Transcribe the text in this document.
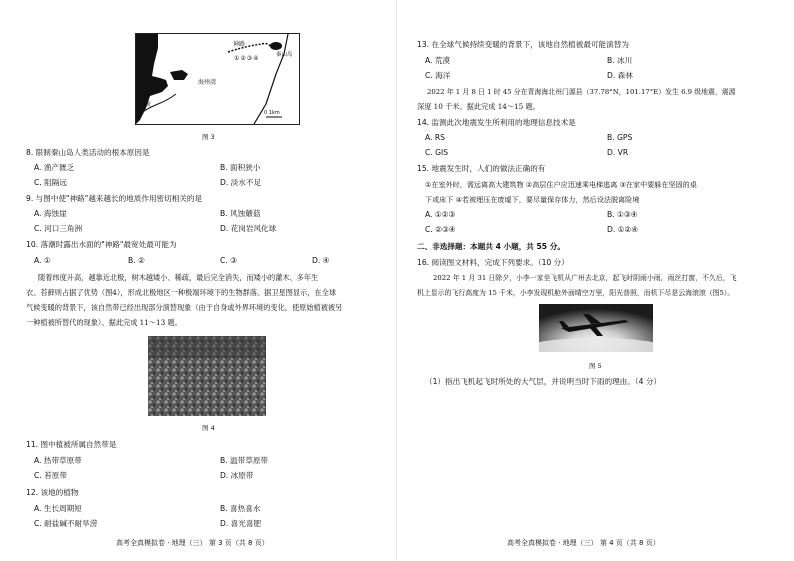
神路
秦山岛
①②③④
海州湾
河流
0 1km
图 3
8. 限制秦山岛人类活动的根本原因是
A. 渔产匮乏	B. 面积狭小
C. 阻隔远	D. 淡水不足
9. 与图中使"神路"越来越长的地质作用密切相关的是
A. 海蚀崖	B. 风蚀蘑菇
C. 河口三角洲	D. 花岗岩风化球
10. 落潮时露出水面的"神路"最宽处最可能为
A. ①	B. ②	C. ③	D. ④
随着纬度升高，越靠近北极，树木越矮小、稀疏，最后完全消失，而矮小的灌木、多年生
衣、苔藓则占据了优势（图4），形成北极地区一种极端环境下的生物群落。据卫星图显示，在全球
气候变暖的背景下，该自然带已经出现部分演替现象（由于自身或外界环境的变化，使原始植被被另
一种植被所替代的现象）。据此完成 11～13 题。
图 4
11. 图中植被所属自然带是
A. 热带草原带	B. 温带草原带
C. 苔原带	D. 冰原带
12. 该地的植物
A. 生长周期短	B. 喜热喜水
C. 耐盐碱不耐旱涝	D. 喜光喜肥
高考全真模拟卷 · 地理（三） 第 3 页（共 8 页）
13. 在全球气候持续变暖的背景下，该地自然植被最可能演替为
A. 荒漠	B. 冰川
C. 海洋	D. 森林
2022 年 1 月 8 日 1 时 45 分在青海海北州门源县（37.78°N，101.17°E）发生 6.9 级地震，震源
深度 10 千米。据此完成 14～15 题。
14. 监测此次地震发生所利用的地理信息技术是
A. RS	B. GPS
C. GIS	D. VR
15. 地震发生时，人们的做法正确的有
①在室外时，需远离高大建筑物 ②高层住户应迅速乘电梯逃离 ③在家中要躲在坚固的桌
下或床下 ④若被埋压在废墟下，要尽量保存体力，然后设法脱离险境
A. ①②③	B. ①③④
C. ②③④	D. ①②④
二、非选择题：本题共 4 小题，共 55 分。
16. 阅读图文材料，完成下列要求。（10 分）
2022 年 1 月 31 日除夕，小李一家坐飞机从广州去北京，起飞时阴雨小雨，雨丝打窗，不久后，飞
机上显示的飞行高度为 15 千米，小李发现机舱外面晴空万里，阳光普照，而机下尽是云海滚滚（图5）。
图 5
（1）指出飞机起飞时所处的大气层，并说明当时下雨的理由。（4 分）
高考全真模拟卷 · 地理（三） 第 4 页（共 8 页）
